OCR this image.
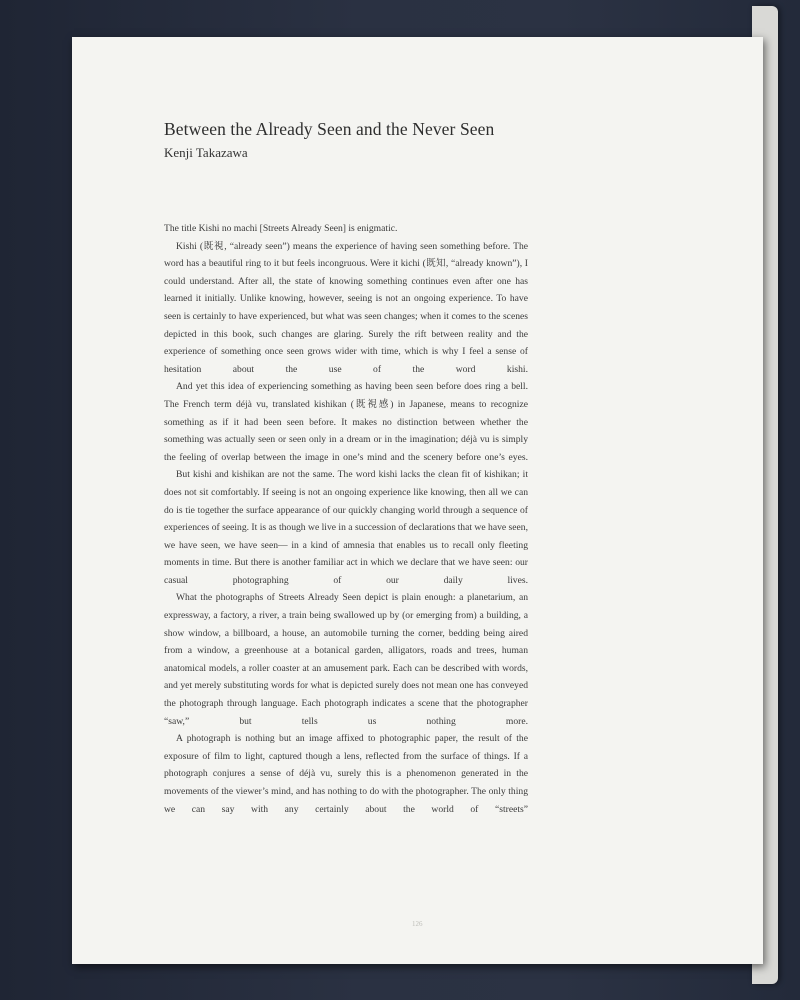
Between the Already Seen and the Never Seen
Kenji Takazawa

The title Kishi no machi [Streets Already Seen] is enigmatic.

Kishi (既視, “already seen”) means the experience of having seen something before. The word has a beautiful ring to it but feels incongruous. Were it kichi (既知, “already known”), I could understand. After all, the state of knowing something continues even after one has learned it initially. Unlike knowing, however, seeing is not an ongoing experience. To have seen is certainly to have experienced, but what was seen changes; when it comes to the scenes depicted in this book, such changes are glaring. Surely the rift between reality and the experience of something once seen grows wider with time, which is why I feel a sense of hesitation about the use of the word kishi.

And yet this idea of experiencing something as having been seen before does ring a bell. The French term déjà vu, translated kishikan (既視感) in Japanese, means to recognize something as if it had been seen before. It makes no distinction between whether the something was actually seen or seen only in a dream or in the imagination; déjà vu is simply the feeling of overlap between the image in one’s mind and the scenery before one’s eyes.

But kishi and kishikan are not the same. The word kishi lacks the clean fit of kishikan; it does not sit comfortably. If seeing is not an ongoing experience like knowing, then all we can do is tie together the surface appearance of our quickly changing world through a sequence of experiences of seeing. It is as though we live in a succession of declarations that we have seen, we have seen, we have seen— in a kind of amnesia that enables us to recall only fleeting moments in time. But there is another familiar act in which we declare that we have seen: our casual photographing of our daily lives.

What the photographs of Streets Already Seen depict is plain enough: a planetarium, an expressway, a factory, a river, a train being swallowed up by (or emerging from) a building, a show window, a billboard, a house, an automobile turning the corner, bedding being aired from a window, a greenhouse at a botanical garden, alligators, roads and trees, human anatomical models, a roller coaster at an amusement park. Each can be described with words, and yet merely substituting words for what is depicted surely does not mean one has conveyed the photograph through language. Each photograph indicates a scene that the photographer “saw,” but tells us nothing more.

A photograph is nothing but an image affixed to photographic paper, the result of the exposure of film to light, captured though a lens, reflected from the surface of things. If a photograph conjures a sense of déjà vu, surely this is a phenomenon generated in the movements of the viewer’s mind, and has nothing to do with the photographer. The only thing we can say with any certainly about the world of “streets”

126
